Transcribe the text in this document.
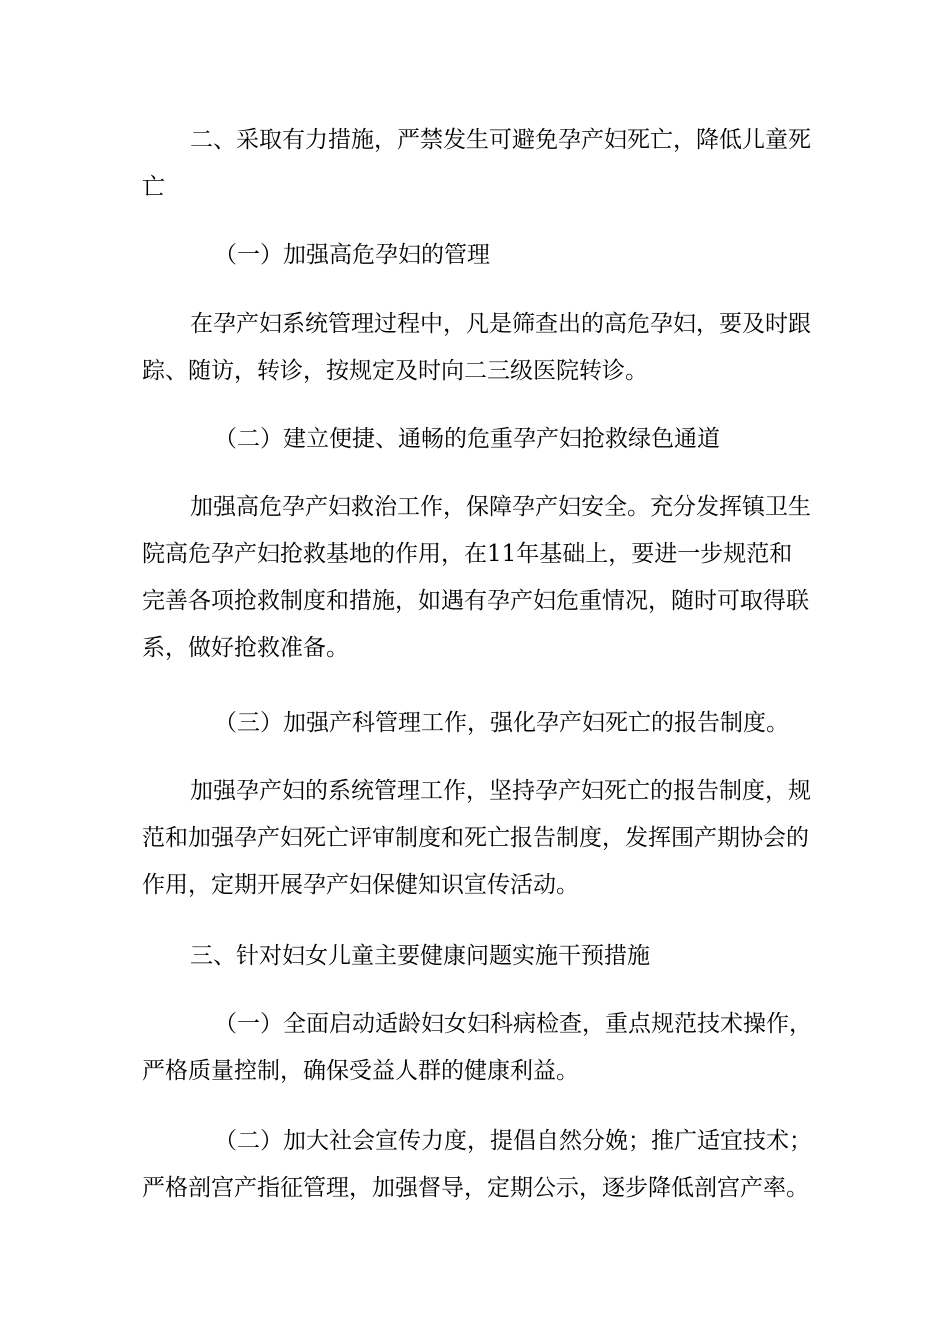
二、采取有力措施，严禁发生可避免孕产妇死亡，降低儿童死亡

（一）加强高危孕妇的管理

在孕产妇系统管理过程中，凡是筛查出的高危孕妇，要及时跟踪、随访，转诊，按规定及时向二三级医院转诊。

（二）建立便捷、通畅的危重孕产妇抢救绿色通道

加强高危孕产妇救治工作，保障孕产妇安全。充分发挥镇卫生院高危孕产妇抢救基地的作用，在11年基础上，要进一步规范和完善各项抢救制度和措施，如遇有孕产妇危重情况，随时可取得联系，做好抢救准备。

（三）加强产科管理工作，强化孕产妇死亡的报告制度。

加强孕产妇的系统管理工作，坚持孕产妇死亡的报告制度，规范和加强孕产妇死亡评审制度和死亡报告制度，发挥围产期协会的作用，定期开展孕产妇保健知识宣传活动。

三、针对妇女儿童主要健康问题实施干预措施

（一）全面启动适龄妇女妇科病检查，重点规范技术操作，严格质量控制，确保受益人群的健康利益。

（二）加大社会宣传力度，提倡自然分娩；推广适宜技术；严格剖宫产指征管理，加强督导，定期公示，逐步降低剖宫产率。
